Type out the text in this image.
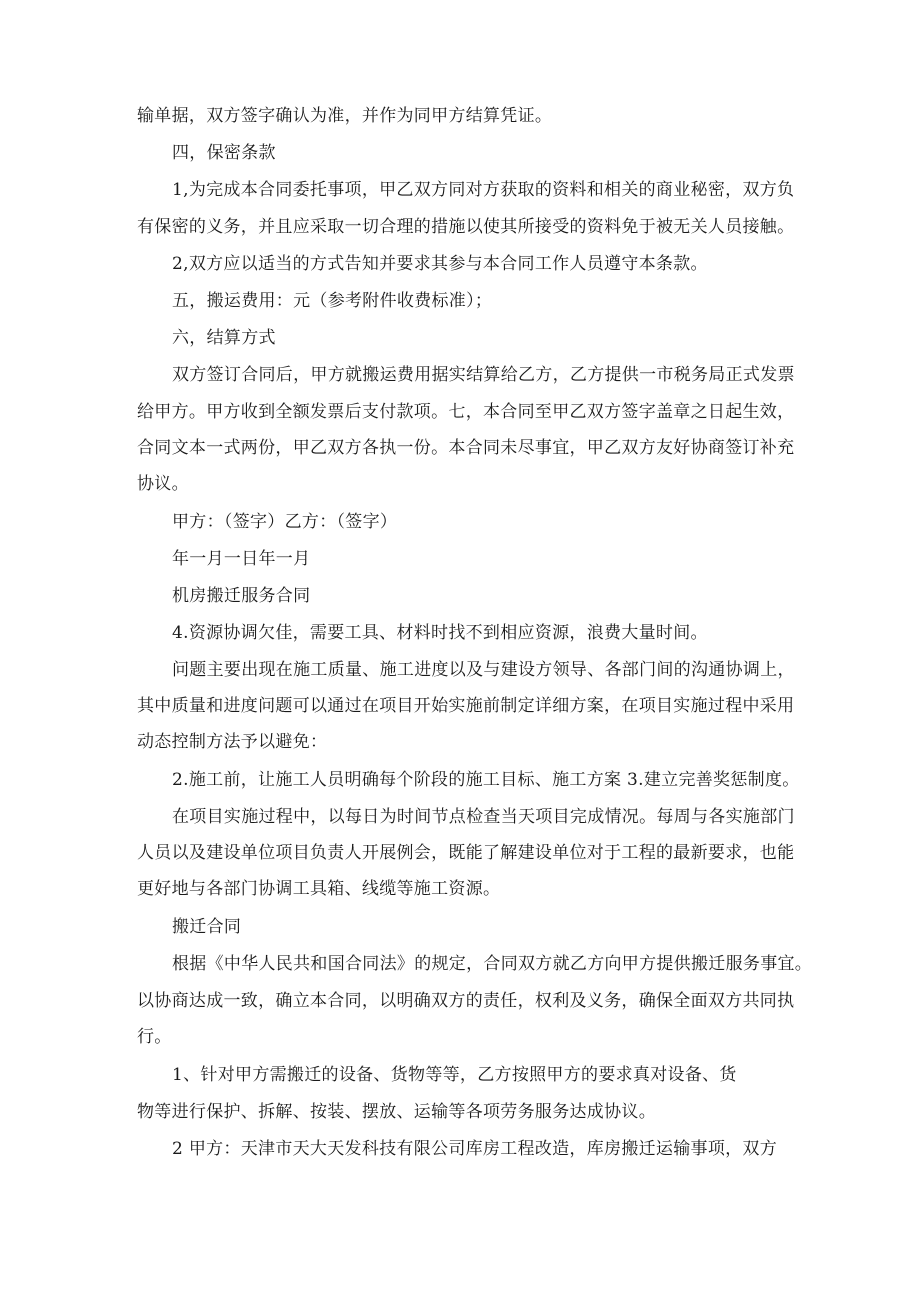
输单据，双方签字确认为准，并作为同甲方结算凭证。
四，保密条款
1,为完成本合同委托事项，甲乙双方同对方获取的资料和相关的商业秘密，双方负
有保密的义务，并且应采取一切合理的措施以使其所接受的资料免于被无关人员接触。
2,双方应以适当的方式告知并要求其参与本合同工作人员遵守本条款。
五，搬运费用：元（参考附件收费标准）；
六，结算方式
双方签订合同后，甲方就搬运费用据实结算给乙方，乙方提供一市税务局正式发票
给甲方。甲方收到全额发票后支付款项。七，本合同至甲乙双方签字盖章之日起生效，
合同文本一式两份，甲乙双方各执一份。本合同未尽事宜，甲乙双方友好协商签订补充
协议。
甲方：（签字）乙方：（签字）
年一月一日年一月
机房搬迁服务合同
4.资源协调欠佳，需要工具、材料时找不到相应资源，浪费大量时间。
问题主要出现在施工质量、施工进度以及与建设方领导、各部门间的沟通协调上，
其中质量和进度问题可以通过在项目开始实施前制定详细方案，在项目实施过程中采用
动态控制方法予以避免：
2.施工前，让施工人员明确每个阶段的施工目标、施工方案 3.建立完善奖惩制度。
在项目实施过程中，以每日为时间节点检查当天项目完成情况。每周与各实施部门
人员以及建设单位项目负责人开展例会，既能了解建设单位对于工程的最新要求，也能
更好地与各部门协调工具箱、线缆等施工资源。
搬迁合同
根据《中华人民共和国合同法》的规定，合同双方就乙方向甲方提供搬迁服务事宜。
以协商达成一致，确立本合同，以明确双方的责任，权利及义务，确保全面双方共同执
行。
1、针对甲方需搬迁的设备、货物等等，乙方按照甲方的要求真对设备、货
物等进行保护、拆解、按装、摆放、运输等各项劳务服务达成协议。
2 甲方：天津市天大天发科技有限公司库房工程改造，库房搬迁运输事项，双方
